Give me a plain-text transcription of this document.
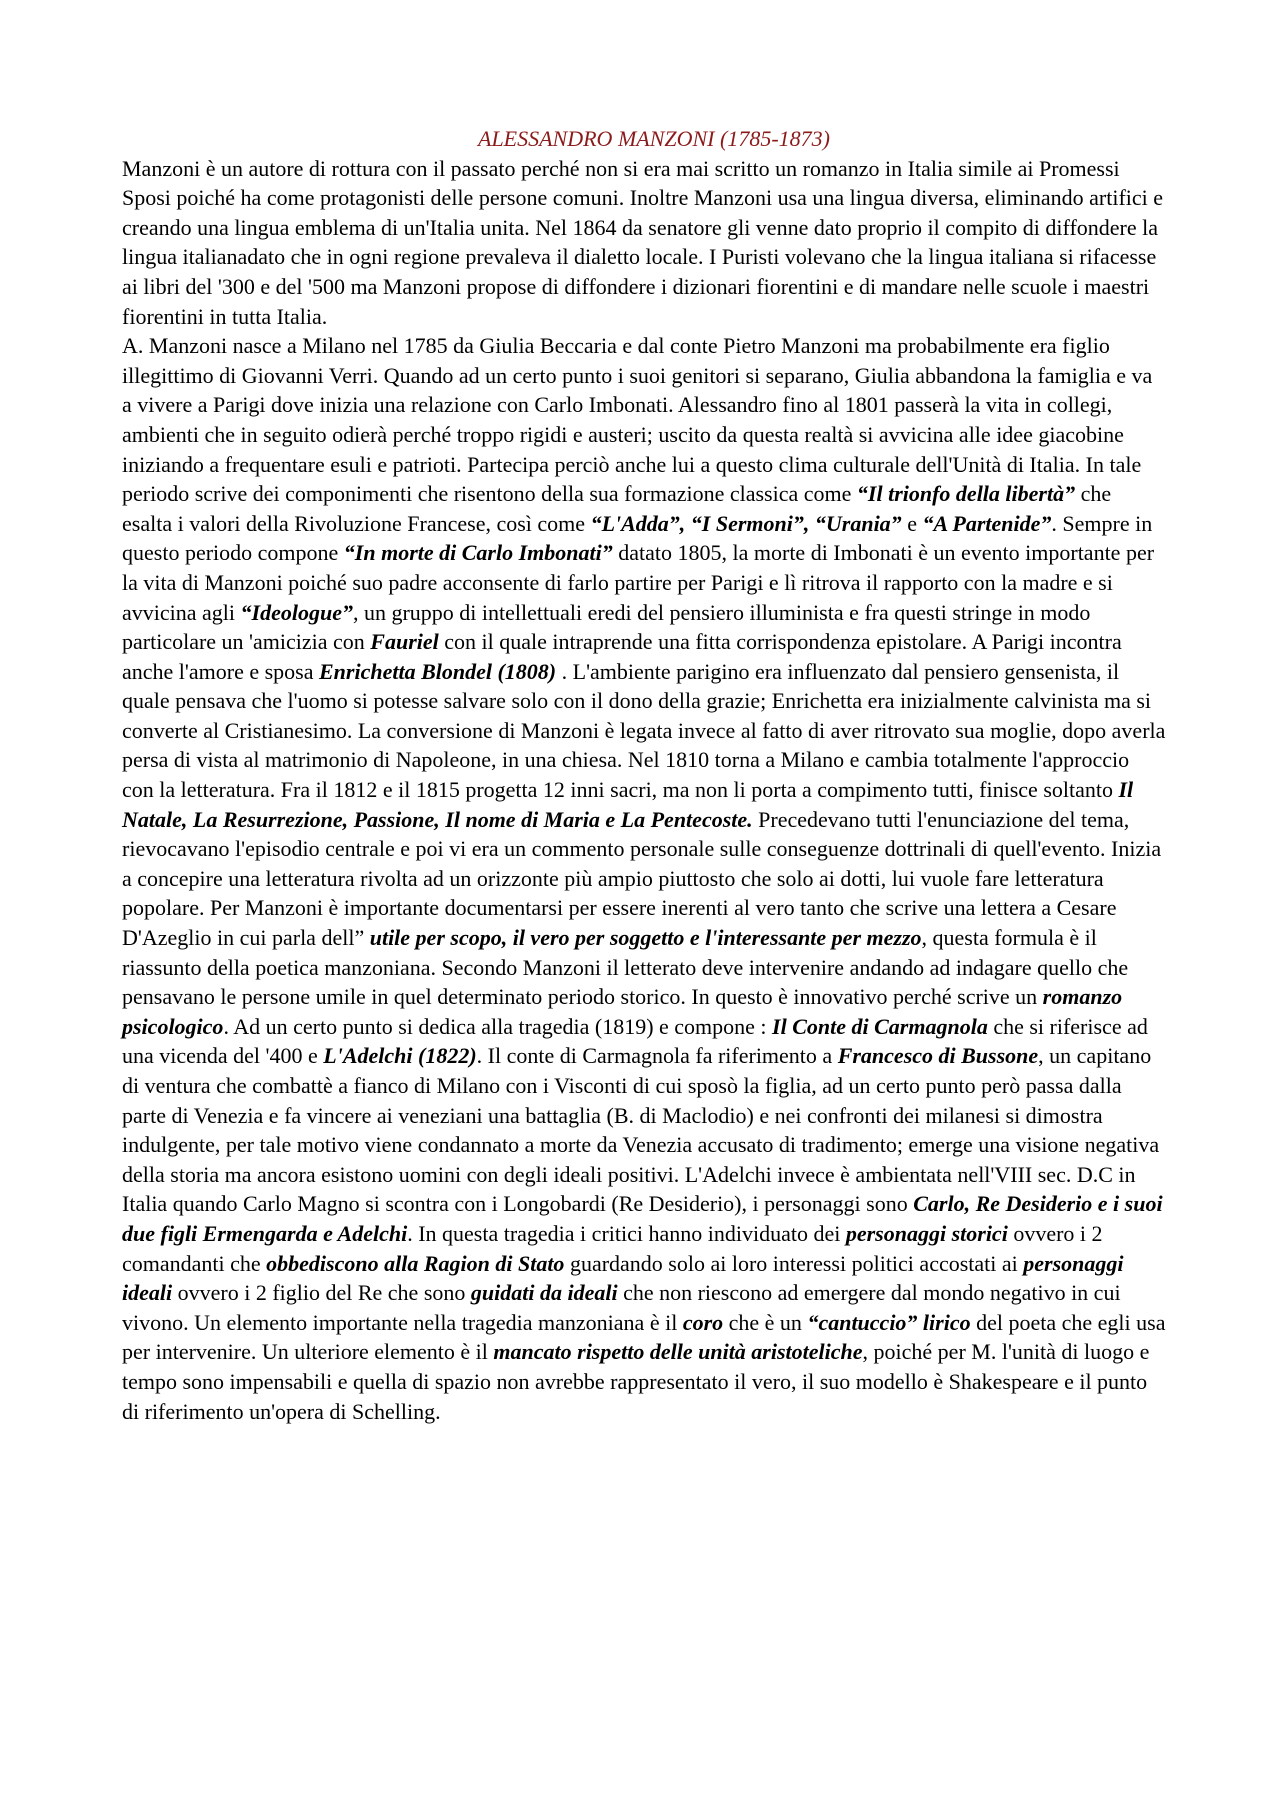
ALESSANDRO MANZONI (1785-1873)

Manzoni è un autore di rottura con il passato perché non si era mai scritto un romanzo in Italia simile ai Promessi Sposi poiché ha come protagonisti delle persone comuni. Inoltre Manzoni usa una lingua diversa, eliminando artifici e creando una lingua emblema di un'Italia unita. Nel 1864 da senatore gli venne dato proprio il compito di diffondere la lingua italianadato che in ogni regione prevaleva il dialetto locale. I Puristi volevano che la lingua italiana si rifacesse ai libri del '300 e del '500 ma Manzoni propose di diffondere i dizionari fiorentini e di mandare nelle scuole i maestri fiorentini in tutta Italia.

A. Manzoni nasce a Milano nel 1785 da Giulia Beccaria e dal conte Pietro Manzoni ma probabilmente era figlio illegittimo di Giovanni Verri. Quando ad un certo punto i suoi genitori si separano, Giulia abbandona la famiglia e va a vivere a Parigi dove inizia una relazione con Carlo Imbonati. Alessandro fino al 1801 passerà la vita in collegi, ambienti che in seguito odierà perché troppo rigidi e austeri; uscito da questa realtà si avvicina alle idee giacobine iniziando a frequentare esuli e patrioti. Partecipa perciò anche lui a questo clima culturale dell'Unità di Italia. In tale periodo scrive dei componimenti che risentono della sua formazione classica come “Il trionfo della libertà” che esalta i valori della Rivoluzione Francese, così come “L'Adda”, “I Sermoni”, “Urania” e “A Partenide”. Sempre in questo periodo compone “In morte di Carlo Imbonati” datato 1805, la morte di Imbonati è un evento importante per la vita di Manzoni poiché suo padre acconsente di farlo partire per Parigi e lì ritrova il rapporto con la madre e si avvicina agli “Ideologue”, un gruppo di intellettuali eredi del pensiero illuminista e fra questi stringe in modo particolare un 'amicizia con Fauriel con il quale intraprende una fitta corrispondenza epistolare. A Parigi incontra anche l'amore e sposa Enrichetta Blondel (1808) . L'ambiente parigino era influenzato dal pensiero gensenista, il quale pensava che l'uomo si potesse salvare solo con il dono della grazie; Enrichetta era inizialmente calvinista ma si converte al Cristianesimo. La conversione di Manzoni è legata invece al fatto di aver ritrovato sua moglie, dopo averla persa di vista al matrimonio di Napoleone, in una chiesa. Nel 1810 torna a Milano e cambia totalmente l'approccio con la letteratura. Fra il 1812 e il 1815 progetta 12 inni sacri, ma non li porta a compimento tutti, finisce soltanto Il Natale, La Resurrezione, Passione, Il nome di Maria e La Pentecoste. Precedevano tutti l'enunciazione del tema, rievocavano l'episodio centrale e poi vi era un commento personale sulle conseguenze dottrinali di quell'evento. Inizia a concepire una letteratura rivolta ad un orizzonte più ampio piuttosto che solo ai dotti, lui vuole fare letteratura popolare. Per Manzoni è importante documentarsi per essere inerenti al vero tanto che scrive una lettera a Cesare D'Azeglio in cui parla dell” utile per scopo, il vero per soggetto e l'interessante per mezzo, questa formula è il riassunto della poetica manzoniana. Secondo Manzoni il letterato deve intervenire andando ad indagare quello che pensavano le persone umile in quel determinato periodo storico. In questo è innovativo perché scrive un romanzo psicologico. Ad un certo punto si dedica alla tragedia (1819) e compone : Il Conte di Carmagnola che si riferisce ad una vicenda del '400 e L'Adelchi (1822). Il conte di Carmagnola fa riferimento a Francesco di Bussone, un capitano di ventura che combattè a fianco di Milano con i Visconti di cui sposò la figlia, ad un certo punto però passa dalla parte di Venezia e fa vincere ai veneziani una battaglia (B. di Maclodio) e nei confronti dei milanesi si dimostra indulgente, per tale motivo viene condannato a morte da Venezia accusato di tradimento; emerge una visione negativa della storia ma ancora esistono uomini con degli ideali positivi. L'Adelchi invece è ambientata nell'VIII sec. D.C in Italia quando Carlo Magno si scontra con i Longobardi (Re Desiderio), i personaggi sono Carlo, Re Desiderio e i suoi due figli Ermengarda e Adelchi. In questa tragedia i critici hanno individuato dei personaggi storici ovvero i 2 comandanti che obbediscono alla Ragion di Stato guardando solo ai loro interessi politici accostati ai personaggi ideali ovvero i 2 figlio del Re che sono guidati da ideali che non riescono ad emergere dal mondo negativo in cui vivono. Un elemento importante nella tragedia manzoniana è il coro che è un “cantuccio” lirico del poeta che egli usa per intervenire. Un ulteriore elemento è il mancato rispetto delle unità aristoteliche, poiché per M. l'unità di luogo e tempo sono impensabili e quella di spazio non avrebbe rappresentato il vero, il suo modello è Shakespeare e il punto di riferimento un'opera di Schelling.
